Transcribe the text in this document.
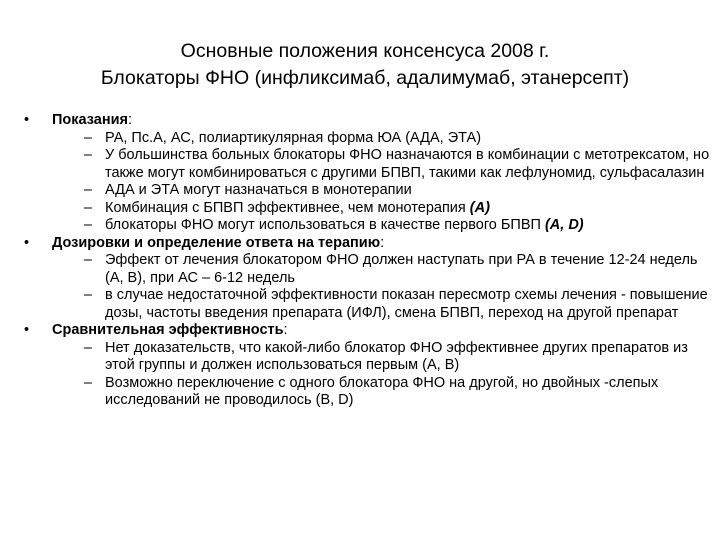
Основные положения консенсуса 2008 г.
Блокаторы ФНО (инфликсимаб, адалимумаб, этанерсепт)
• Показания:
– РА, Пс.А, АС, полиартикулярная форма ЮА (АДА, ЭТА)
– У большинства больных блокаторы ФНО назначаются в комбинации с метотрексатом, но также могут комбинироваться с другими БПВП, такими как лефлуномид, сульфасалазин
– АДА и ЭТА могут назначаться в монотерапии
– Комбинация с БПВП эффективнее, чем монотерапия (А)
– блокаторы ФНО могут использоваться в качестве первого БПВП (A, D)
• Дозировки и определение ответа на терапию:
– Эффект от лечения блокатором ФНО должен наступать при РА в течение 12-24 недель (А, В), при АС – 6-12 недель
– в случае недостаточной эффективности показан пересмотр схемы лечения - повышение дозы, частоты введения препарата (ИФЛ), смена БПВП, переход на другой препарат
• Сравнительная эффективность:
– Нет доказательств, что какой-либо блокатор ФНО эффективнее других препаратов из этой группы и должен использоваться первым (А, В)
– Возможно переключение с одного блокатора ФНО на другой, но двойных -слепых исследований не проводилось (B, D)
